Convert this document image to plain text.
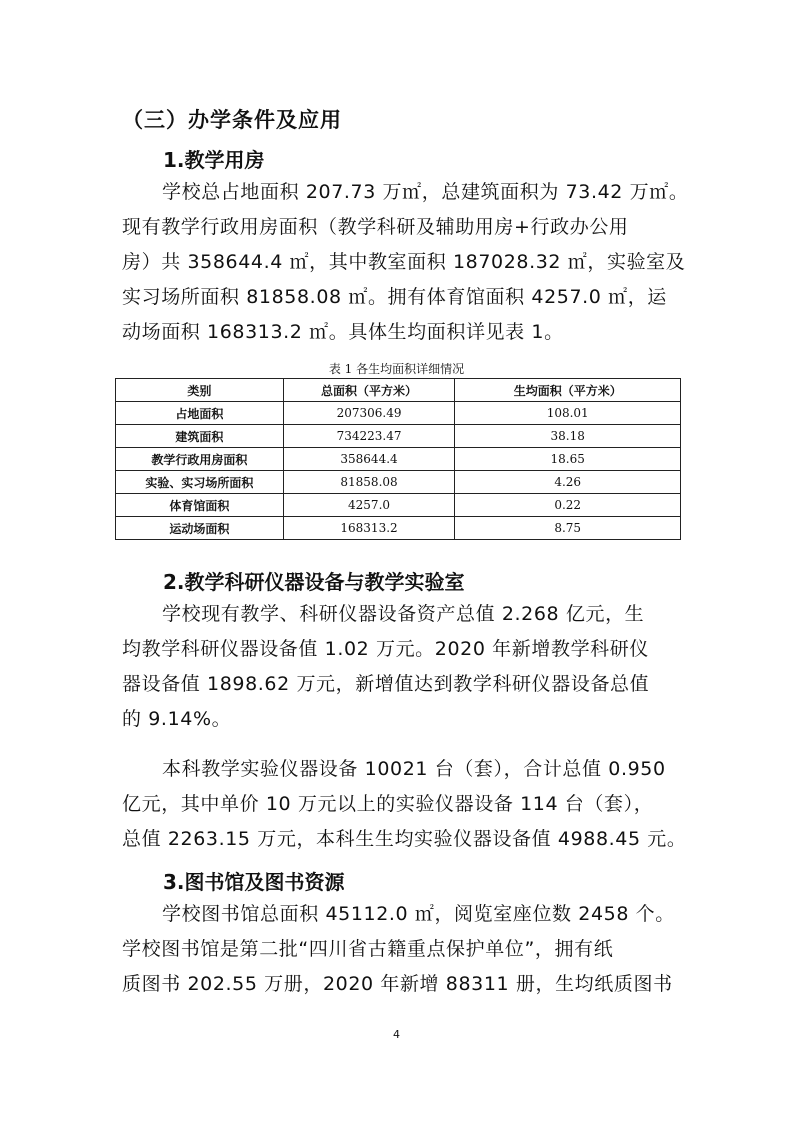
（三）办学条件及应用
1.教学用房
学校总占地面积 207.73 万㎡，总建筑面积为 73.42 万㎡。
现有教学行政用房面积（教学科研及辅助用房+行政办公用
房）共 358644.4 ㎡，其中教室面积 187028.32 ㎡，实验室及
实习场所面积 81858.08 ㎡。拥有体育馆面积 4257.0 ㎡，运
动场面积 168313.2 ㎡。具体生均面积详见表 1。
表 1 各生均面积详细情况
类别	总面积（平方米）	生均面积（平方米）
占地面积	207306.49	108.01
建筑面积	734223.47	38.18
教学行政用房面积	358644.4	18.65
实验、实习场所面积	81858.08	4.26
体育馆面积	4257.0	0.22
运动场面积	168313.2	8.75
2.教学科研仪器设备与教学实验室
学校现有教学、科研仪器设备资产总值 2.268 亿元，生
均教学科研仪器设备值 1.02 万元。2020 年新增教学科研仪
器设备值 1898.62 万元，新增值达到教学科研仪器设备总值
的 9.14%。
本科教学实验仪器设备 10021 台（套），合计总值 0.950
亿元，其中单价 10 万元以上的实验仪器设备 114 台（套），
总值 2263.15 万元，本科生生均实验仪器设备值 4988.45 元。
3.图书馆及图书资源
学校图书馆总面积 45112.0 ㎡，阅览室座位数 2458 个。
学校图书馆是第二批“四川省古籍重点保护单位”，拥有纸
质图书 202.55 万册，2020 年新增 88311 册，生均纸质图书
4
